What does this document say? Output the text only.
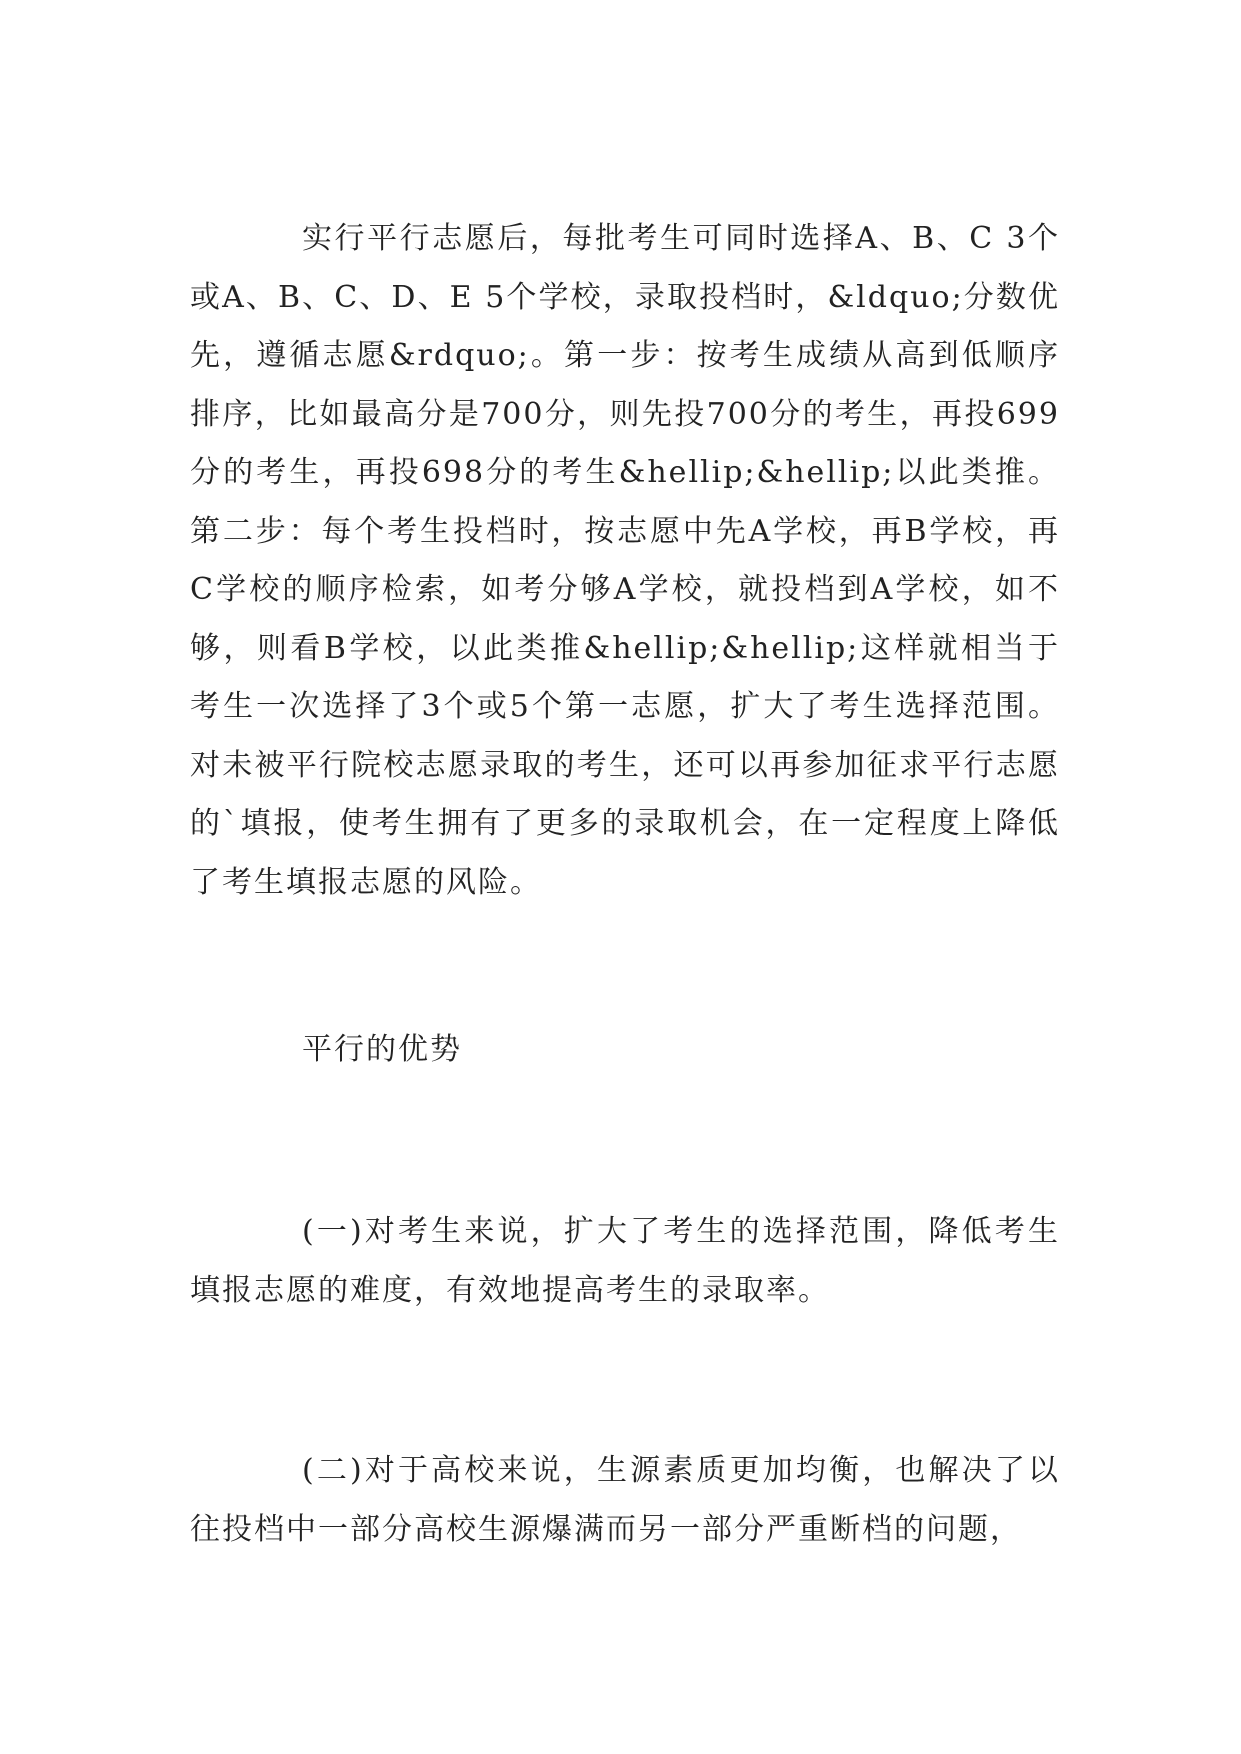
实行平行志愿后，每批考生可同时选择A、B、C 3个或A、B、C、D、E 5个学校，录取投档时，&ldquo;分数优先，遵循志愿&rdquo;。第一步：按考生成绩从高到低顺序排序，比如最高分是700分，则先投700分的考生，再投699分的考生，再投698分的考生&hellip;&hellip;以此类推。第二步：每个考生投档时，按志愿中先A学校，再B学校，再C学校的顺序检索，如考分够A学校，就投档到A学校，如不够，则看B学校，以此类推&hellip;&hellip;这样就相当于考生一次选择了3个或5个第一志愿，扩大了考生选择范围。对未被平行院校志愿录取的考生，还可以再参加征求平行志愿的`填报，使考生拥有了更多的录取机会，在一定程度上降低了考生填报志愿的风险。

平行的优势

(一)对考生来说，扩大了考生的选择范围，降低考生填报志愿的难度，有效地提高考生的录取率。

(二)对于高校来说，生源素质更加均衡，也解决了以往投档中一部分高校生源爆满而另一部分严重断档的问题，
